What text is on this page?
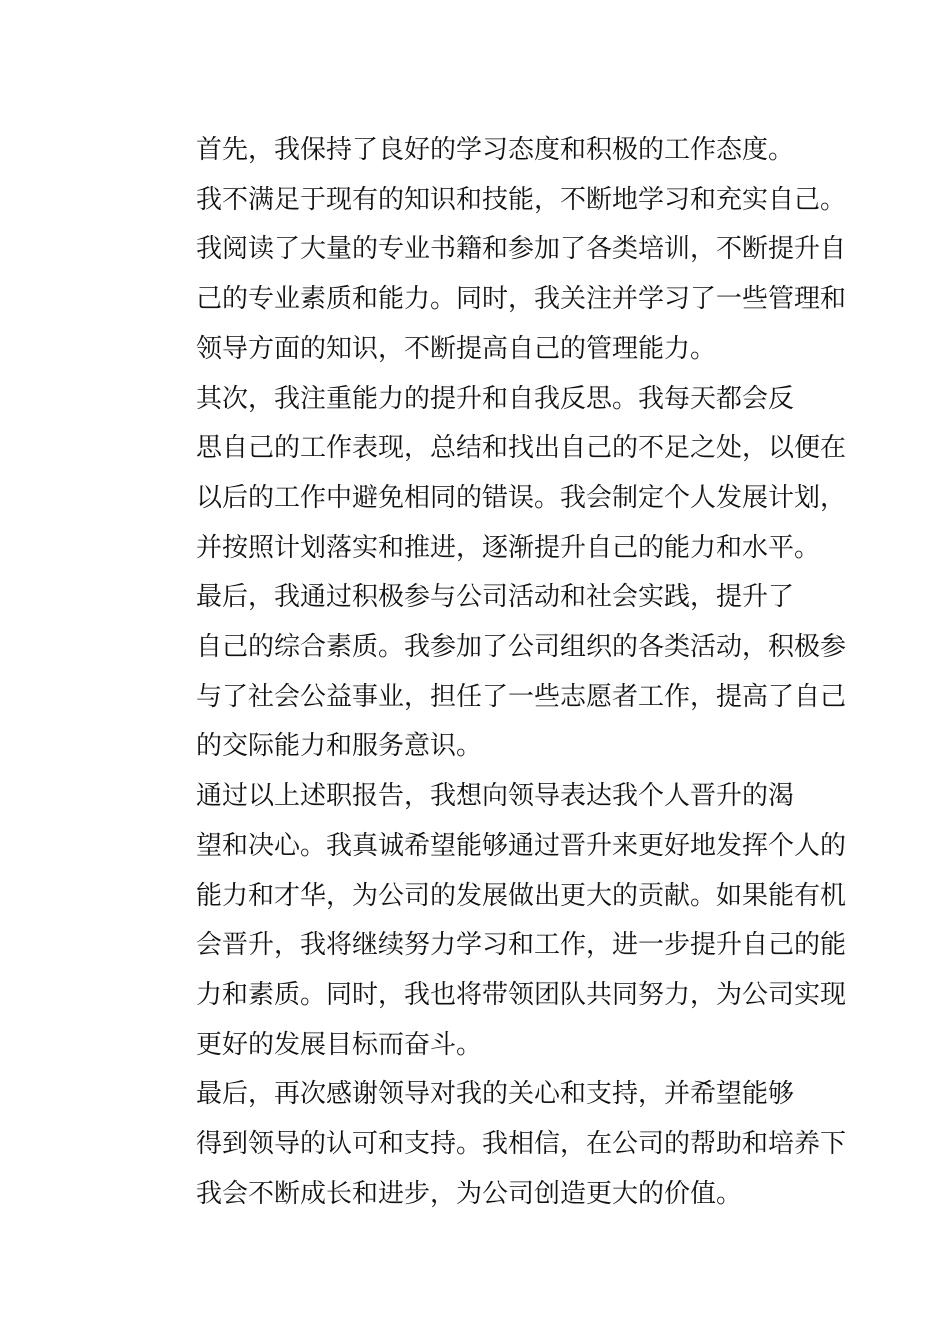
首先，我保持了良好的学习态度和积极的工作态度。
我不满足于现有的知识和技能，不断地学习和充实自己。
我阅读了大量的专业书籍和参加了各类培训，不断提升自
己的专业素质和能力。同时，我关注并学习了一些管理和
领导方面的知识，不断提高自己的管理能力。

其次，我注重能力的提升和自我反思。我每天都会反
思自己的工作表现，总结和找出自己的不足之处，以便在
以后的工作中避免相同的错误。我会制定个人发展计划，
并按照计划落实和推进，逐渐提升自己的能力和水平。

最后，我通过积极参与公司活动和社会实践，提升了
自己的综合素质。我参加了公司组织的各类活动，积极参
与了社会公益事业，担任了一些志愿者工作，提高了自己
的交际能力和服务意识。

通过以上述职报告，我想向领导表达我个人晋升的渴
望和决心。我真诚希望能够通过晋升来更好地发挥个人的
能力和才华，为公司的发展做出更大的贡献。如果能有机
会晋升，我将继续努力学习和工作，进一步提升自己的能
力和素质。同时，我也将带领团队共同努力，为公司实现
更好的发展目标而奋斗。

最后，再次感谢领导对我的关心和支持，并希望能够
得到领导的认可和支持。我相信，在公司的帮助和培养下
我会不断成长和进步，为公司创造更大的价值。
